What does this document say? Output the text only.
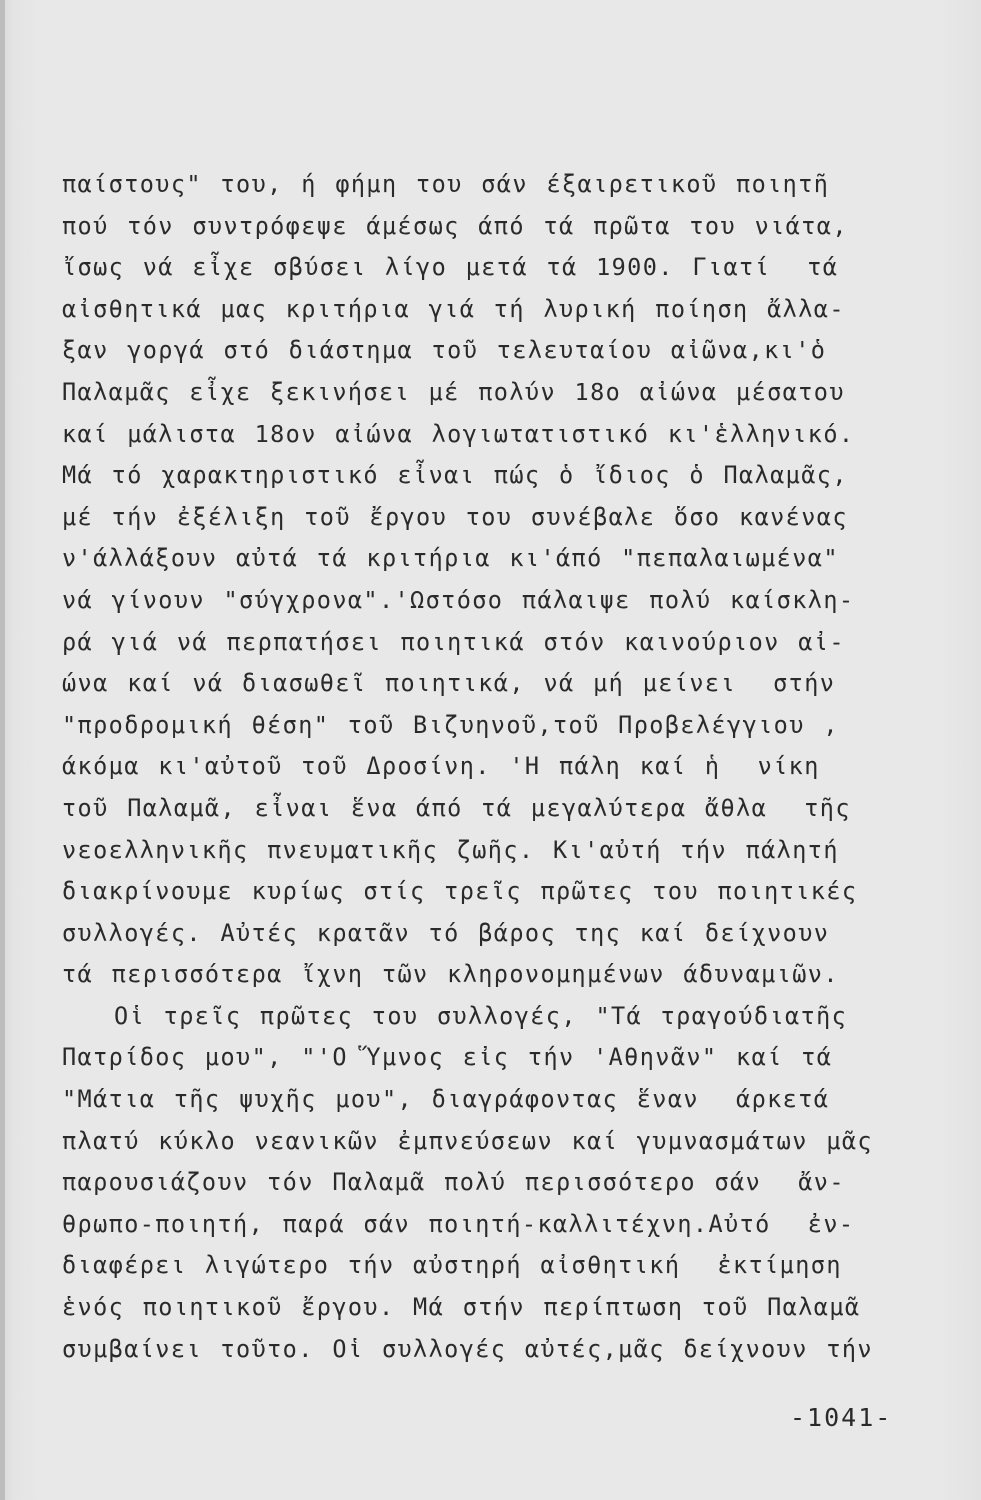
παίστους" του, ή φήμη του σάν έξαιρετικοῦ ποιητῆ
πού τόν συντρόφεψε άμέσως άπό τά πρῶτα του νιάτα,
ἴσως νά εἶχε σβύσει λίγο μετά τά 1900. Γιατί  τά
αἰσθητικά μας κριτήρια γιά τή λυρική ποίηση ἄλλα-
ξαν γοργά στό διάστημα τοῦ τελευταίου αἰῶνα,κι'ὁ
Παλαμᾶς εἶχε ξεκινήσει μέ πολύν 18ο αἰώνα μέσατου
καί μάλιστα 18ον αἰώνα λογιωτατιστικό κι'ἑλληνικό.
Μά τό χαρακτηριστικό εἶναι πώς ὁ ἴδιος ὁ Παλαμᾶς,
μέ τήν ἐξέλιξη τοῦ ἔργου του συνέβαλε ὅσο κανένας
ν'άλλάξουν αὐτά τά κριτήρια κι'άπό "πεπαλαιωμένα"
νά γίνουν "σύγχρονα".'Ωστόσο πάλαιψε πολύ καίσκλη-
ρά γιά νά περπατήσει ποιητικά στόν καινούριον αἰ-
ώνα καί νά διασωθεῖ ποιητικά, νά μή μείνει  στήν
"προδρομική θέση" τοῦ Βιζυηνοῦ,τοῦ Προβελέγγιου ,
άκόμα κι'αὐτοῦ τοῦ Δροσίνη. 'Η πάλη καί ἡ  νίκη
τοῦ Παλαμᾶ, εἶναι ἕνα άπό τά μεγαλύτερα ἄθλα  τῆς
νεοελληνικῆς πνευματικῆς ζωῆς. Κι'αὐτή τήν πάλητή
διακρίνουμε κυρίως στίς τρεῖς πρῶτες του ποιητικές
συλλογές. Αὐτές κρατᾶν τό βάρος της καί δείχνουν
τά περισσότερα ἴχνη τῶν κληρονομημένων άδυναμιῶν.
Οἱ τρεῖς πρῶτες του συλλογές, "Τά τραγούδιατῆς
Πατρίδος μου", "'Ο Ὕμνος εἰς τήν 'Αθηνᾶν" καί τά
"Μάτια τῆς ψυχῆς μου", διαγράφοντας ἕναν  άρκετά
πλατύ κύκλο νεανικῶν ἐμπνεύσεων καί γυμνασμάτων μᾶς
παρουσιάζουν τόν Παλαμᾶ πολύ περισσότερο σάν  ἄν-
θρωπο-ποιητή, παρά σάν ποιητή-καλλιτέχνη.Αὐτό  ἐν-
διαφέρει λιγώτερο τήν αὐστηρή αἰσθητική  ἐκτίμηση
ἑνός ποιητικοῦ ἔργου. Μά στήν περίπτωση τοῦ Παλαμᾶ
συμβαίνει τοῦτο. Οἱ συλλογές αὐτές,μᾶς δείχνουν τήν
-1041-
